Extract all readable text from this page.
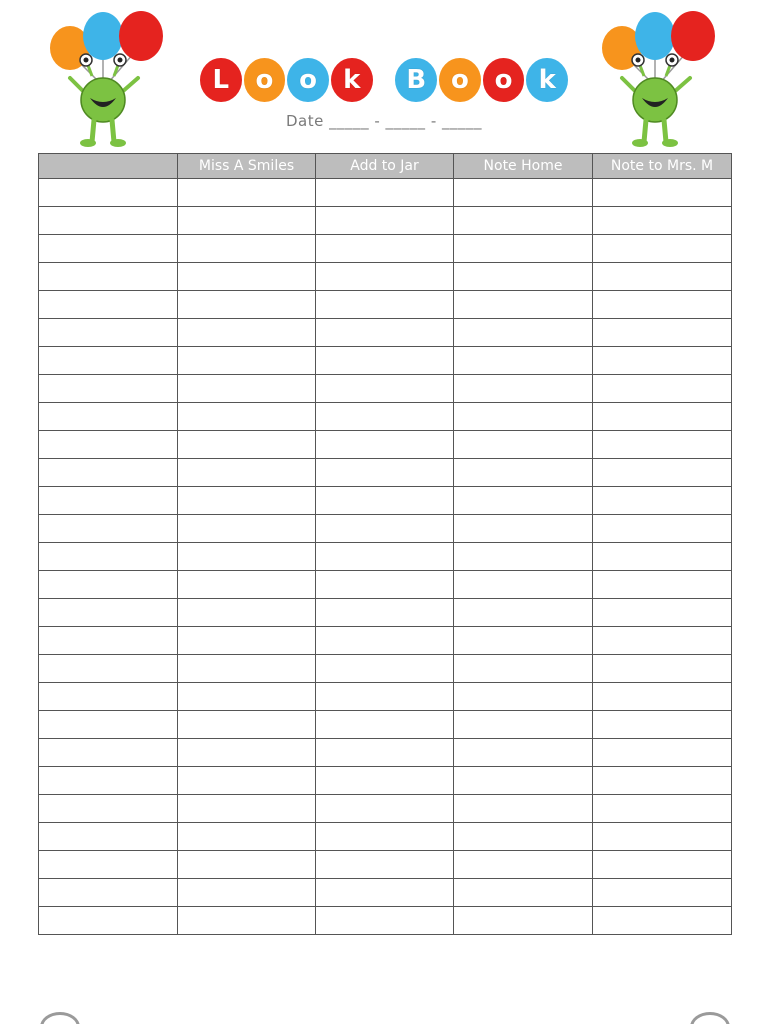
L	o o	k	B o o	k
Date _____ - _____ - _____
	Miss A Smiles	Add to Jar	Note Home	Note to Mrs. M
